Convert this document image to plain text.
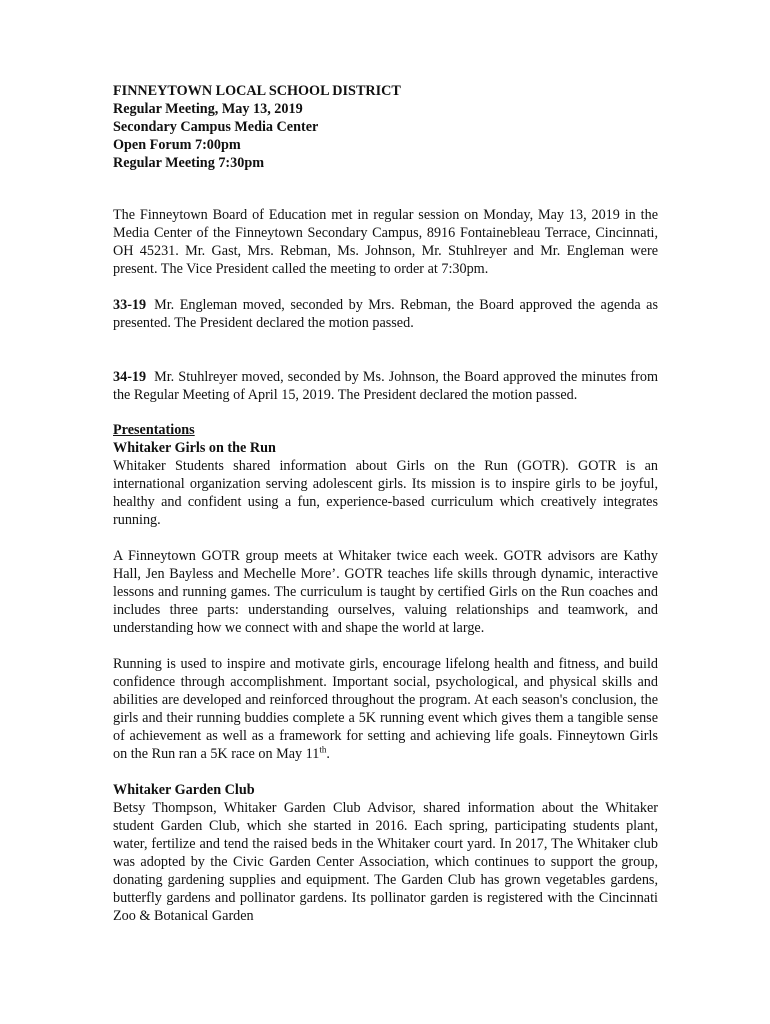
FINNEYTOWN LOCAL SCHOOL DISTRICT

Regular Meeting, May 13, 2019

Secondary Campus Media Center

Open Forum 7:00pm

Regular Meeting 7:30pm

The Finneytown Board of Education met in regular session on Monday, May 13, 2019 in the Media Center of the Finneytown Secondary Campus, 8916 Fontainebleau Terrace, Cincinnati, OH 45231. Mr. Gast, Mrs. Rebman, Ms. Johnson, Mr. Stuhlreyer and Mr. Engleman were present. The Vice President called the meeting to order at 7:30pm.

33-19 Mr. Engleman moved, seconded by Mrs. Rebman, the Board approved the agenda as presented. The President declared the motion passed.

34-19 Mr. Stuhlreyer moved, seconded by Ms. Johnson, the Board approved the minutes from the Regular Meeting of April 15, 2019. The President declared the motion passed.

Presentations

Whitaker Girls on the Run

Whitaker Students shared information about Girls on the Run (GOTR). GOTR is an international organization serving adolescent girls. Its mission is to inspire girls to be joyful, healthy and confident using a fun, experience-based curriculum which creatively integrates running.

A Finneytown GOTR group meets at Whitaker twice each week. GOTR advisors are Kathy Hall, Jen Bayless and Mechelle More’. GOTR teaches life skills through dynamic, interactive lessons and running games. The curriculum is taught by certified Girls on the Run coaches and includes three parts: understanding ourselves, valuing relationships and teamwork, and understanding how we connect with and shape the world at large.

Running is used to inspire and motivate girls, encourage lifelong health and fitness, and build confidence through accomplishment. Important social, psychological, and physical skills and abilities are developed and reinforced throughout the program. At each season's conclusion, the girls and their running buddies complete a 5K running event which gives them a tangible sense of achievement as well as a framework for setting and achieving life goals. Finneytown Girls on the Run ran a 5K race on May 11th.

Whitaker Garden Club

Betsy Thompson, Whitaker Garden Club Advisor, shared information about the Whitaker student Garden Club, which she started in 2016. Each spring, participating students plant, water, fertilize and tend the raised beds in the Whitaker court yard. In 2017, The Whitaker club was adopted by the Civic Garden Center Association, which continues to support the group, donating gardening supplies and equipment. The Garden Club has grown vegetables gardens, butterfly gardens and pollinator gardens. Its pollinator garden is registered with the Cincinnati Zoo & Botanical Garden
